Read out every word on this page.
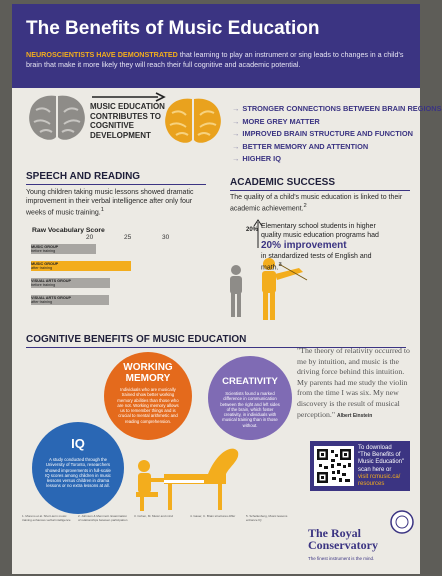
The Benefits of Music Education
NEUROSCIENTISTS HAVE DEMONSTRATED that learning to play an instrument or sing leads to changes in a child's brain that make it more likely they will reach their full cognitive and academic potential.
MUSIC EDUCATION CONTRIBUTES TO COGNITIVE DEVELOPMENT
→ STRONGER CONNECTIONS BETWEEN BRAIN REGIONS
→ MORE GREY MATTER
→ IMPROVED BRAIN STRUCTURE AND FUNCTION
→ BETTER MEMORY AND ATTENTION
→ HIGHER IQ
SPEECH AND READING
Young children taking music lessons showed dramatic improvement in their verbal intelligence after only four weeks of music training.$^1$
Raw Vocabulary Score
20	25	30
MUSIC GROUP
before training
MUSIC GROUP
after training
VISUAL ARTS GROUP
before training
VISUAL ARTS GROUP
after training
ACADEMIC SUCCESS
The quality of a child's music education is linked to their academic achievement.$^2$
20% Elementary school students in higher quality music education programs had
20% improvement
in standardized tests of English and math.$^3$
COGNITIVE BENEFITS OF MUSIC EDUCATION
WORKING
MEMORY
Individuals who are musically trained show better working memory abilities than those who are not. Working memory allows us to remember things and is crucial to mental arithmetic and reading comprehension.
CREATIVITY
Scientists found a marked difference in communication between the right and left sides of the brain, which foster creativity, in individuals with musical training than in those without.
IQ
A study conducted through the University of Toronto, researchers showed improvements in full-scale IQ scores among children in music lessons versus children in drama lessons or no extra lessons at all.
"The theory of relativity occurred to me by intuition, and music is the driving force behind this intuition. My parents had me study the violin from the time I was six. My new discovery is the result of musical perception." Albert Einstein
To download
"The Benefits of
Music Education"
scan here or
visit rcmusic.ca/
resources
1. Moreno et al. Short-term music training enhances verbal intelligence
2. Johnson & Memmott. Examination of relationships between participation
3. Cohen, M. Music and mind	4. Gaser, C. Brain structures differ	5. Schellenberg, Music lessons enhance IQ
The Royal
Conservatory
The finest instrument is the mind.
